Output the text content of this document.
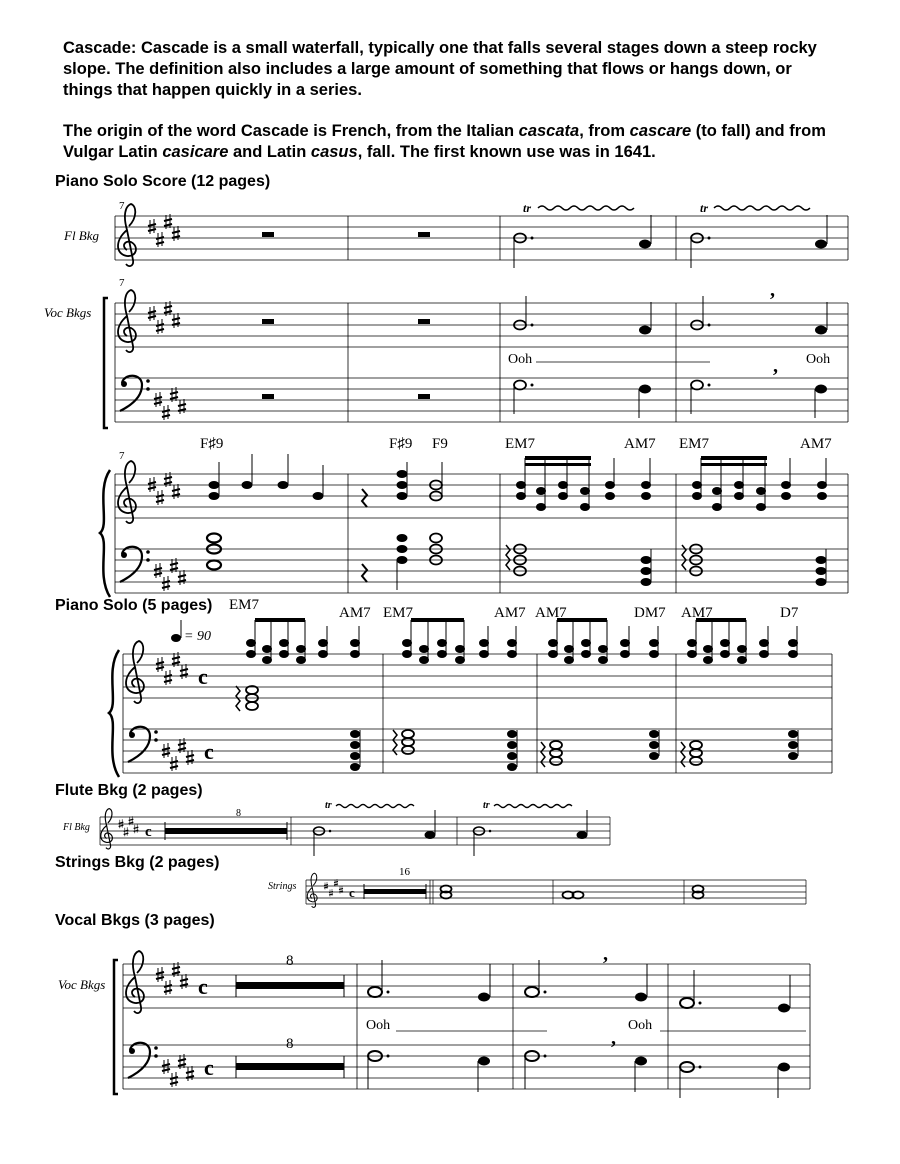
Cascade: Cascade is a small waterfall, typically one that falls several stages down a steep rocky slope. The definition also includes a large amount of something that flows or hangs down, or things that happen quickly in a series.

The origin of the word Cascade is French, from the Italian cascata, from cascare (to fall) and from Vulgar Latin casicare and Latin casus, fall. The first known use was in 1641.

Piano Solo Score (12 pages)
Piano Solo (5 pages)
Flute Bkg (2 pages)
Strings Bkg (2 pages)
Vocal Bkgs (3 pages)
,
,
c
c
c
c
c
c
,
,
Fl Bkg
Voc Bkgs
7
7
7
tr	tr
Ooh	Ooh
F♯9	F♯9 F9	EM7	AM7 EM7	AM7
EM7	AM7 EM7	AM7 AM7	DM7 AM7	D7
= 90
Fl Bkg
8
tr	tr
Strings
16
Voc Bkgs
8
8
Ooh	Ooh
